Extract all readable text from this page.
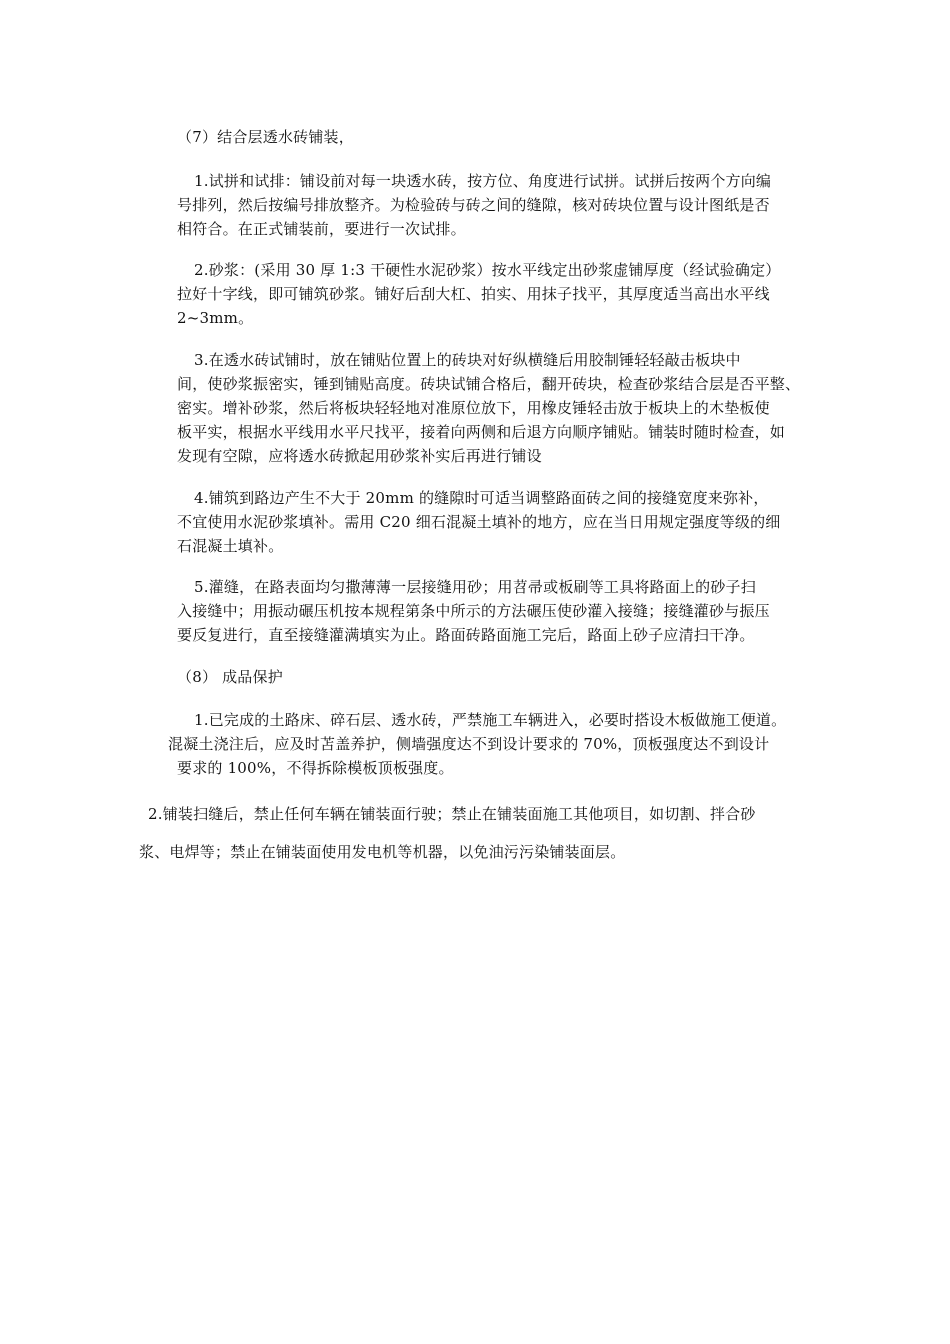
（7）结合层透水砖铺装，
1.试拼和试排：铺设前对每一块透水砖，按方位、角度进行试拼。试拼后按两个方向编
号排列，然后按编号排放整齐。为检验砖与砖之间的缝隙，核对砖块位置与设计图纸是否
相符合。在正式铺装前，要进行一次试排。
2.砂浆：(采用 30 厚 1:3 干硬性水泥砂浆）按水平线定出砂浆虚铺厚度（经试验确定）
拉好十字线，即可铺筑砂浆。铺好后刮大杠、拍实、用抹子找平，其厚度适当高出水平线
2~3mm。
3.在透水砖试铺时，放在铺贴位置上的砖块对好纵横缝后用胶制锤轻轻敲击板块中
间，使砂浆振密实，锤到铺贴高度。砖块试铺合格后，翻开砖块，检查砂浆结合层是否平整、
密实。增补砂浆，然后将板块轻轻地对准原位放下，用橡皮锤轻击放于板块上的木垫板使
板平实，根据水平线用水平尺找平，接着向两侧和后退方向顺序铺贴。铺装时随时检查，如
发现有空隙，应将透水砖掀起用砂浆补实后再进行铺设
4.铺筑到路边产生不大于 20mm 的缝隙时可适当调整路面砖之间的接缝宽度来弥补，
不宜使用水泥砂浆填补。需用 C20 细石混凝土填补的地方，应在当日用规定强度等级的细
石混凝土填补。
5.灌缝，在路表面均匀撒薄薄一层接缝用砂；用苕帚或板刷等工具将路面上的砂子扫
入接缝中；用振动碾压机按本规程第条中所示的方法碾压使砂灌入接缝；接缝灌砂与振压
要反复进行，直至接缝灌满填实为止。路面砖路面施工完后，路面上砂子应清扫干净。
（8） 成品保护
1.已完成的土路床、碎石层、透水砖，严禁施工车辆进入，必要时搭设木板做施工便道。
混凝土浇注后，应及时苫盖养护，侧墙强度达不到设计要求的 70%，顶板强度达不到设计
要求的 100%，不得拆除模板顶板强度。
2.铺装扫缝后，禁止任何车辆在铺装面行驶；禁止在铺装面施工其他项目，如切割、拌合砂
浆、电焊等；禁止在铺装面使用发电机等机器，以免油污污染铺装面层。
